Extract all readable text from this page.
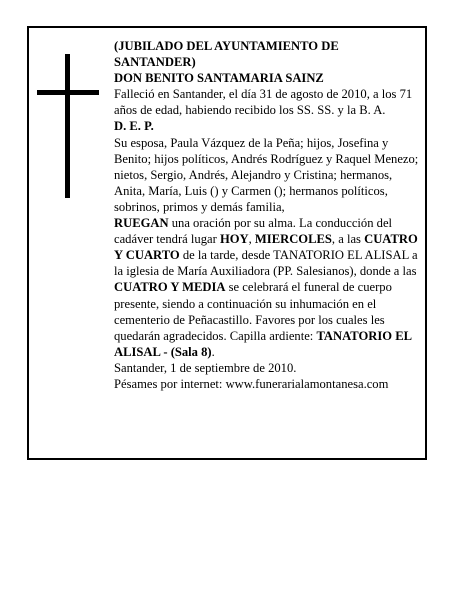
(JUBILADO DEL AYUNTAMIENTO DE SANTANDER)

DON BENITO SANTAMARIA SAINZ

Falleció en Santander, el día 31 de agosto de 2010, a los 71 años de edad, habiendo recibido los SS. SS. y la B. A.

D. E. P.

Su esposa, Paula Vázquez de la Peña; hijos, Josefina y Benito; hijos políticos, Andrés Rodríguez y Raquel Menezo; nietos, Sergio, Andrés, Alejandro y Cristina; hermanos, Anita, María, Luis () y Carmen (); hermanos políticos, sobrinos, primos y demás familia,

RUEGAN una oración por su alma. La conducción del cadáver tendrá lugar HOY, MIERCOLES, a las CUATRO Y CUARTO de la tarde, desde TANATORIO EL ALISAL a la iglesia de María Auxiliadora (PP. Salesianos), donde a las CUATRO Y MEDIA se celebrará el funeral de cuerpo presente, siendo a continuación su inhumación en el cementerio de Peñacastillo. Favores por los cuales les quedarán agradecidos. Capilla ardiente: TANATORIO EL ALISAL - (Sala 8).

Santander, 1 de septiembre de 2010.

Pésames por internet: www.funerarialamontanesa.com
